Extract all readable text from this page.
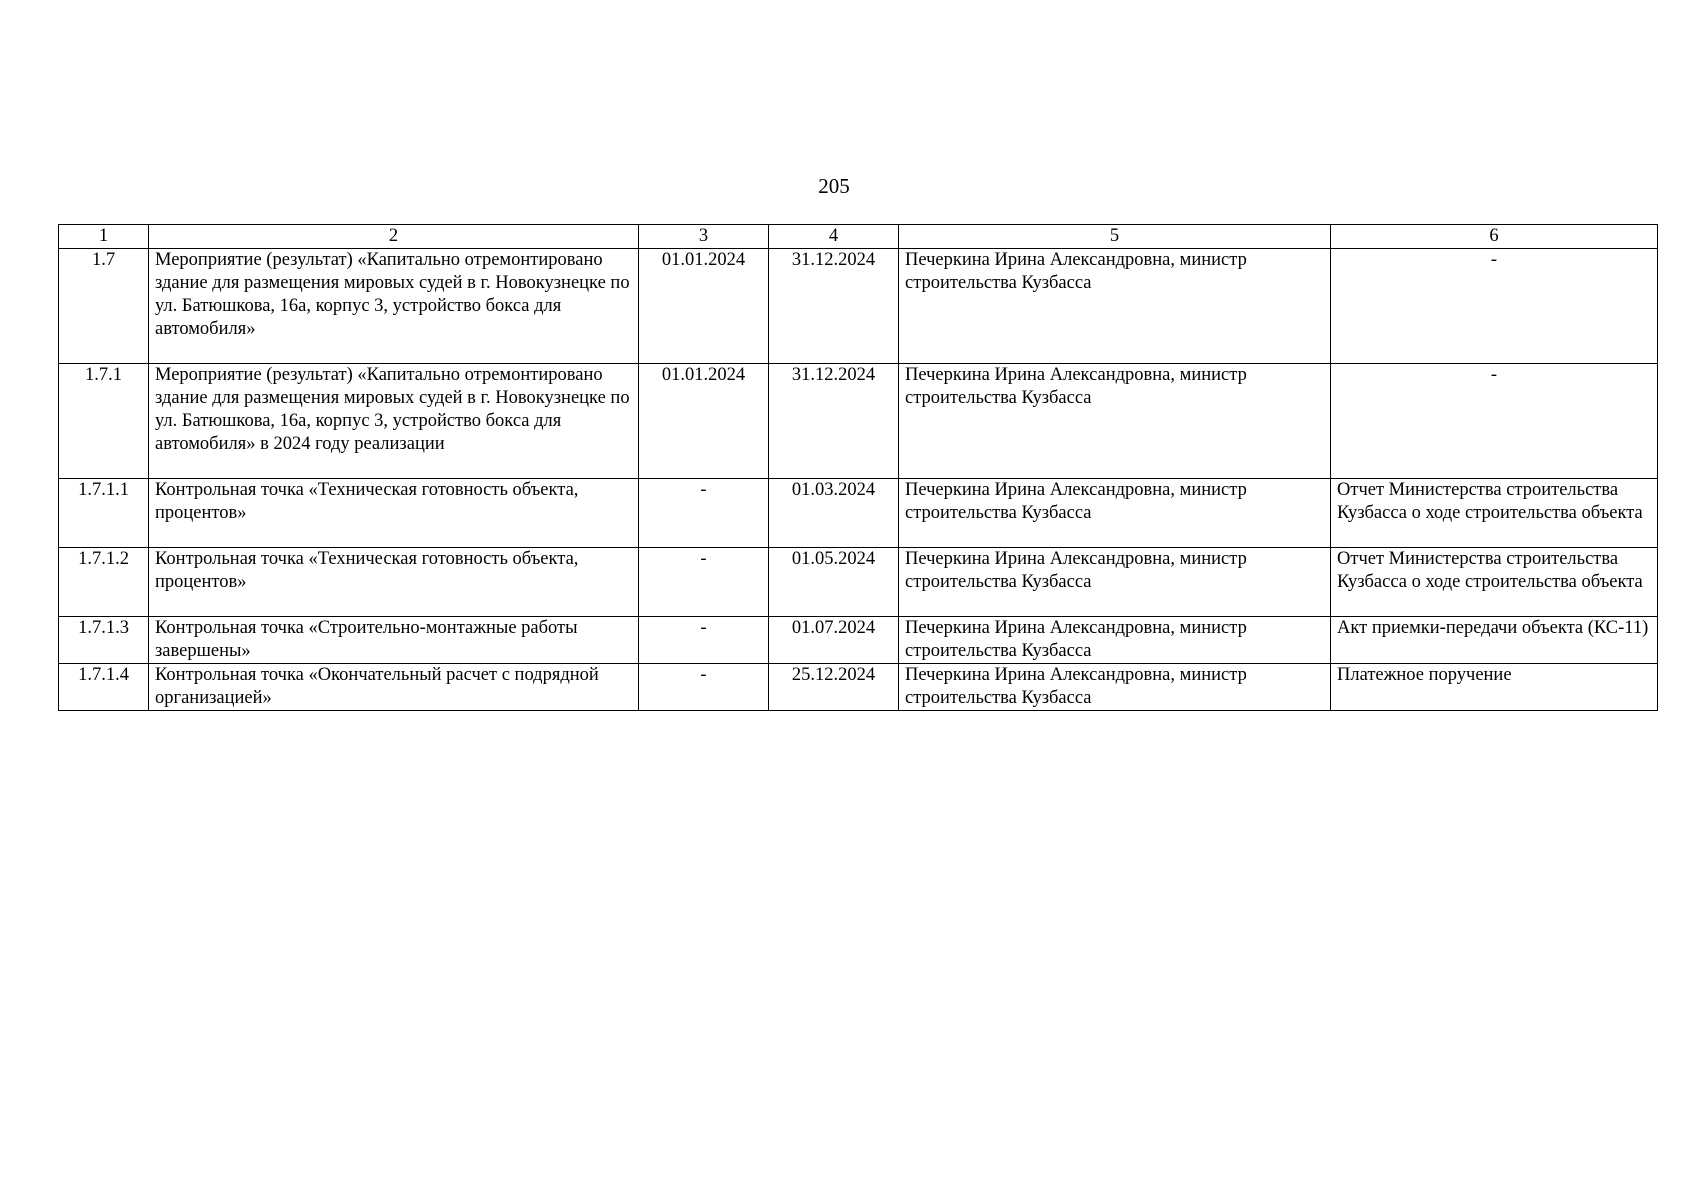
205
1	2	3	4	5	6
1.7	Мероприятие (результат) «Капитально отремонтировано здание для размещения мировых судей в г. Новокузнецке по ул. Батюшкова, 16а, корпус 3, устройство бокса для автомобиля»	01.01.2024	31.12.2024	Печеркина Ирина Александровна, министр строительства Кузбасса	-
1.7.1	Мероприятие (результат) «Капитально отремонтировано здание для размещения мировых судей в г. Новокузнецке по ул. Батюшкова, 16а, корпус 3, устройство бокса для автомобиля» в 2024 году реализации	01.01.2024	31.12.2024	Печеркина Ирина Александровна, министр строительства Кузбасса	-
1.7.1.1	Контрольная точка «Техническая готовность объекта, процентов»	-	01.03.2024	Печеркина Ирина Александровна, министр строительства Кузбасса	Отчет Министерства строительства Кузбасса о ходе строительства объекта
1.7.1.2	Контрольная точка «Техническая готовность объекта, процентов»	-	01.05.2024	Печеркина Ирина Александровна, министр строительства Кузбасса	Отчет Министерства строительства Кузбасса о ходе строительства объекта
1.7.1.3	Контрольная точка «Строительно-монтажные работы завершены»	-	01.07.2024	Печеркина Ирина Александровна, министр строительства Кузбасса	Акт приемки-передачи объекта (КС-11)
1.7.1.4	Контрольная точка «Окончательный расчет с подрядной организацией»	-	25.12.2024	Печеркина Ирина Александровна, министр строительства Кузбасса	Платежное поручение
